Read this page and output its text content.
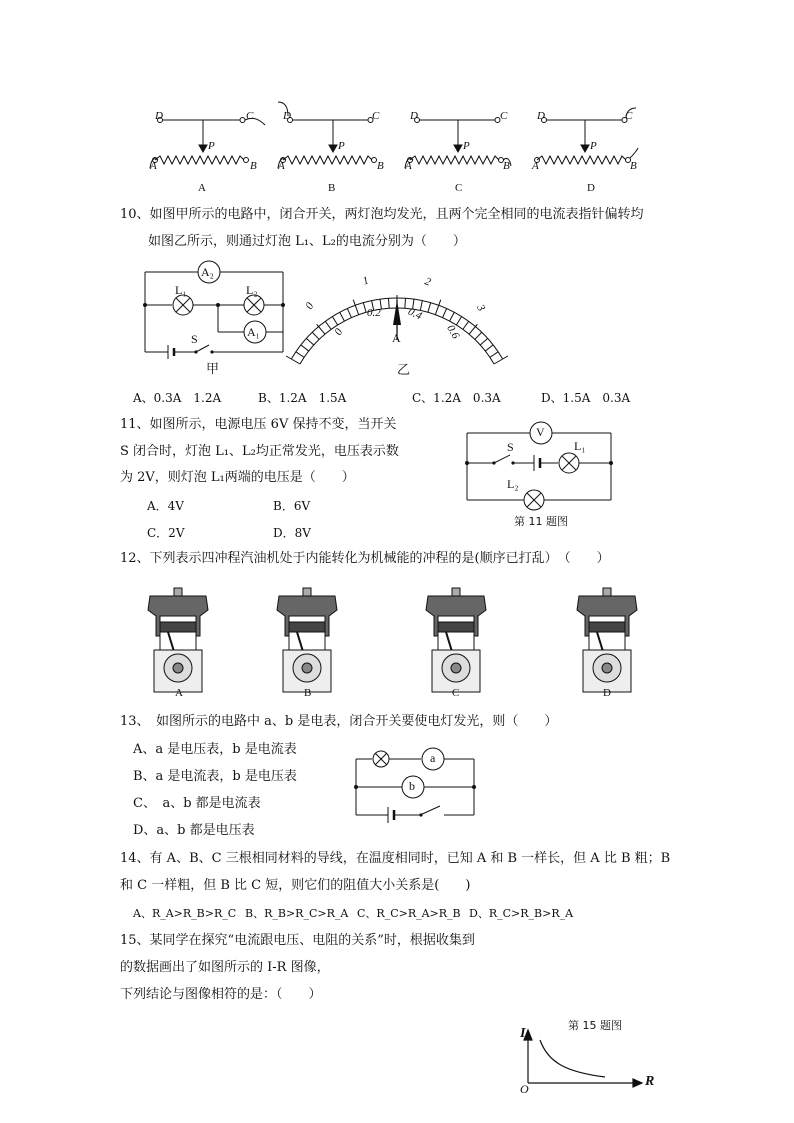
D	C
P
A	B
A
D	C
P
A	B
B
D	C
P
A	B
C
D	C
P
A	B
D
10、如图甲所示的电路中，闭合开关，两灯泡均发光，且两个完全相同的电流表指针偏转均
如图乙所示，则通过灯泡 L₁、L₂的电流分别为（　　）
A₂
L₁	L₂
A₁
S
甲
0
0
1	2
3
0.2 0.4
0.6
A
乙
A、0.3A　1.2A	B、1.2A　1.5A	C、1.2A　0.3A	D、1.5A　0.3A
11、如图所示，电源电压 6V 保持不变，当开关
S 闭合时，灯泡 L₁、L₂均正常发光，电压表示数
为 2V，则灯泡 L₁两端的电压是（　　）
A．4V	B．6V
C．2V	D．8V
V
S	L₁
L₂
第 11 题图
12、下列表示四冲程汽油机处于内能转化为机械能的冲程的是(顺序已打乱）　（　　）
A	B	C	D
13、　如图所示的电路中 a、b 是电表，闭合开关要使电灯发光，则（　　）
A、a 是电压表，b 是电流表
B、a 是电流表，b 是电压表
C、　a、b 都是电流表
D、a、b 都是电压表
a
b
14、有 A、B、C 三根相同材料的导线，在温度相同时，已知 A 和 B 一样长，但 A 比 B 粗；B
和 C 一样粗，但 B 比 C 短，则它们的阻值大小关系是(　　)
A、R_A>R_B>R_C B、R_B>R_C>R_A C、R_C>R_A>R_B D、R_C>R_B>R_A
15、某同学在探究“电流跟电压、电阻的关系”时，根据收集到
的数据画出了如图所示的 I-R 图像，
下列结论与图像相符的是：（　　）
I
R
O
第 15 题图
